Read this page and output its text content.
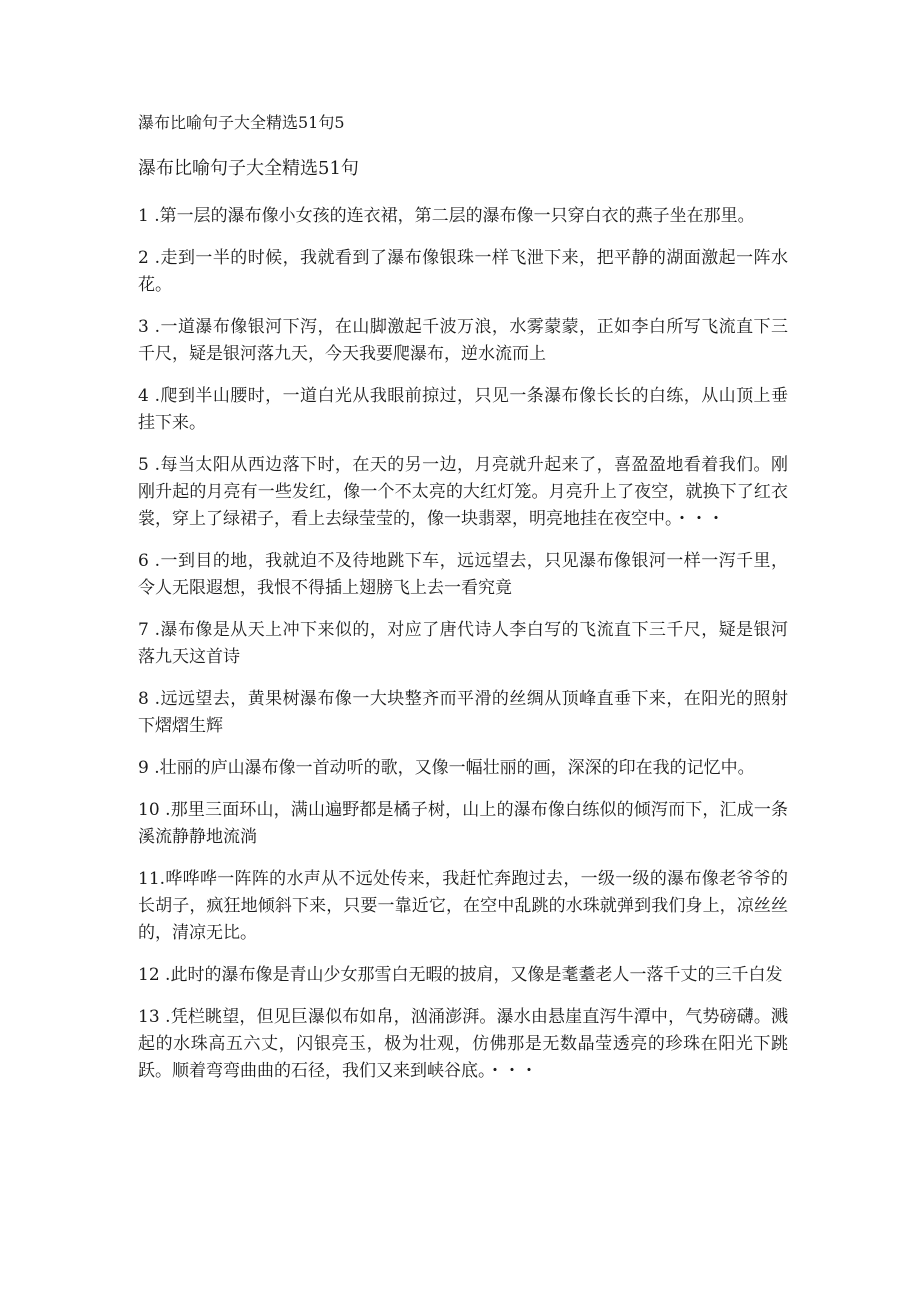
瀑布比喻句子大全精选51句5
瀑布比喻句子大全精选51句
1 .第一层的瀑布像小女孩的连衣裙，第二层的瀑布像一只穿白衣的燕子坐在那里。
2 .走到一半的时候，我就看到了瀑布像银珠一样飞泄下来，把平静的湖面激起一阵水花。
3 .一道瀑布像银河下泻，在山脚激起千波万浪，水雾蒙蒙，正如李白所写飞流直下三千尺，疑是银河落九天，今天我要爬瀑布，逆水流而上
4 .爬到半山腰时，一道白光从我眼前掠过，只见一条瀑布像长长的白练，从山顶上垂挂下来。
5 .每当太阳从西边落下时，在天的另一边，月亮就升起来了，喜盈盈地看着我们。刚刚升起的月亮有一些发红，像一个不太亮的大红灯笼。月亮升上了夜空，就换下了红衣裳，穿上了绿裙子，看上去绿莹莹的，像一块翡翠，明亮地挂在夜空中。・・・
6 .一到目的地，我就迫不及待地跳下车，远远望去，只见瀑布像银河一样一泻千里，令人无限遐想，我恨不得插上翅膀飞上去一看究竟
7 .瀑布像是从天上冲下来似的，对应了唐代诗人李白写的飞流直下三千尺，疑是银河落九天这首诗
8 .远远望去，黄果树瀑布像一大块整齐而平滑的丝绸从顶峰直垂下来，在阳光的照射下熠熠生辉
9 .壮丽的庐山瀑布像一首动听的歌，又像一幅壮丽的画，深深的印在我的记忆中。
10 .那里三面环山，满山遍野都是橘子树，山上的瀑布像白练似的倾泻而下，汇成一条溪流静静地流淌
11.哗哗哗一阵阵的水声从不远处传来，我赶忙奔跑过去，一级一级的瀑布像老爷爷的长胡子，疯狂地倾斜下来，只要一靠近它，在空中乱跳的水珠就弹到我们身上，凉丝丝的，清凉无比。
12 .此时的瀑布像是青山少女那雪白无暇的披肩，又像是耄耋老人一落千丈的三千白发
13 .凭栏眺望，但见巨瀑似布如帛，汹涌澎湃。瀑水由悬崖直泻牛潭中，气势磅礴。溅起的水珠高五六丈，闪银亮玉，极为壮观，仿佛那是无数晶莹透亮的珍珠在阳光下跳跃。顺着弯弯曲曲的石径，我们又来到峡谷底。・・・
